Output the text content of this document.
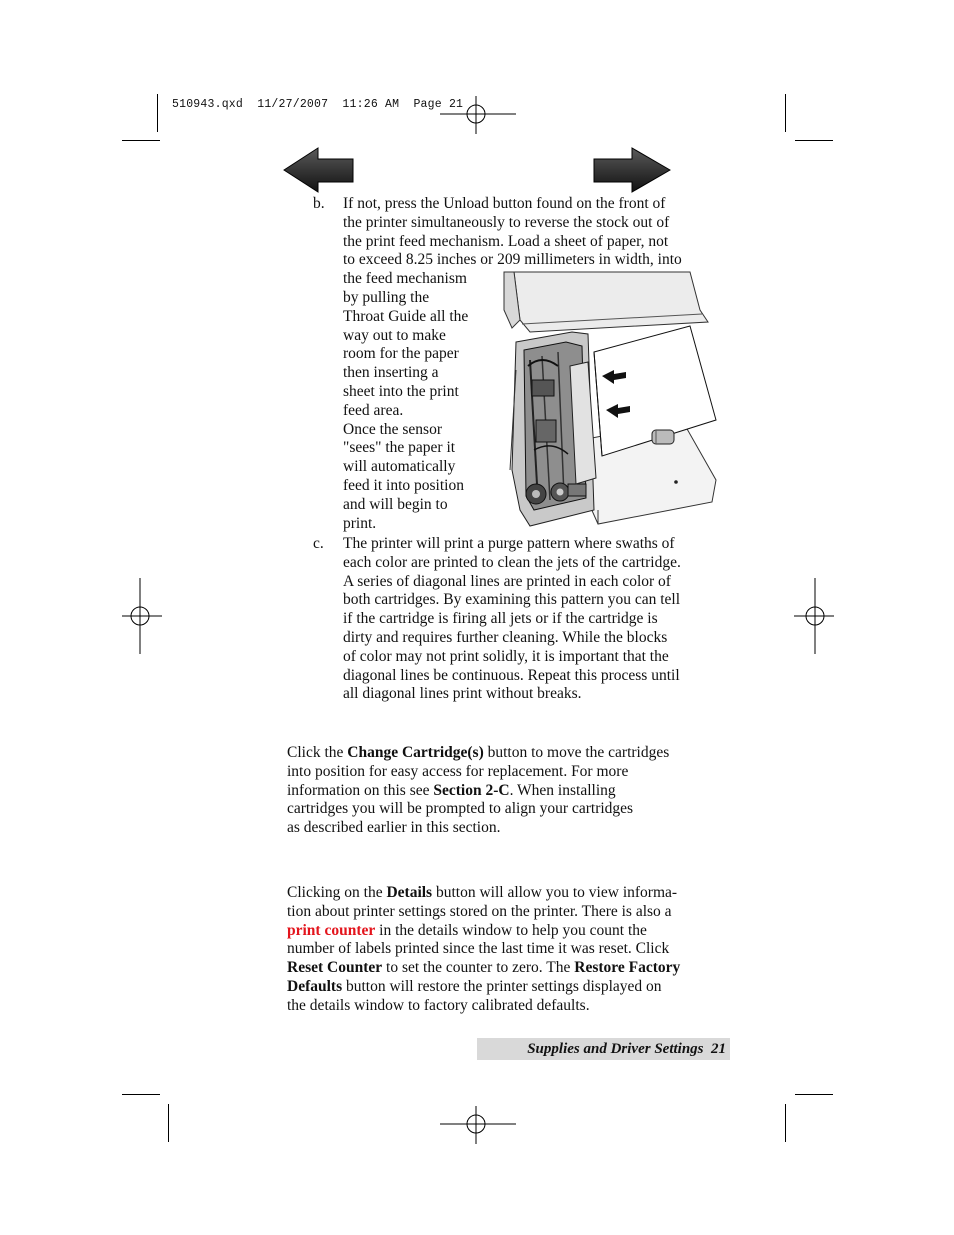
510943.qxd  11/27/2007  11:26 AM  Page 21
b.	If not, press the Unload button found on the front of

the printer simultaneously to reverse the stock out of

the print feed mechanism. Load a sheet of paper, not

to exceed 8.25 inches or 209 millimeters in width, into

the feed mechanism

by pulling the

Throat Guide all the

way out to make

room for the paper

then inserting a

sheet into the print

feed area.

Once the sensor

"sees" the paper it

will automatically

feed it into position

and will begin to

print.

c.	The printer will print a purge pattern where swaths of

each color are printed to clean the jets of the cartridge.

A series of diagonal lines are printed in each color of

both cartridges. By examining this pattern you can tell

if the cartridge is firing all jets or if the cartridge is

dirty and requires further cleaning. While the blocks

of color may not print solidly, it is important that the

diagonal lines be continuous. Repeat this process until

all diagonal lines print without breaks.

Click the Change Cartridge(s) button to move the cartridges

into position for easy access for replacement. For more

information on this see Section 2-C. When installing

cartridges you will be prompted to align your cartridges

as described earlier in this section.

Clicking on the Details button will allow you to view informa-

tion about printer settings stored on the printer. There is also a

print counter in the details window to help you count the

number of labels printed since the last time it was reset. Click

Reset Counter to set the counter to zero. The Restore Factory

Defaults button will restore the printer settings displayed on

the details window to factory calibrated defaults.

Supplies and Driver Settings 21
